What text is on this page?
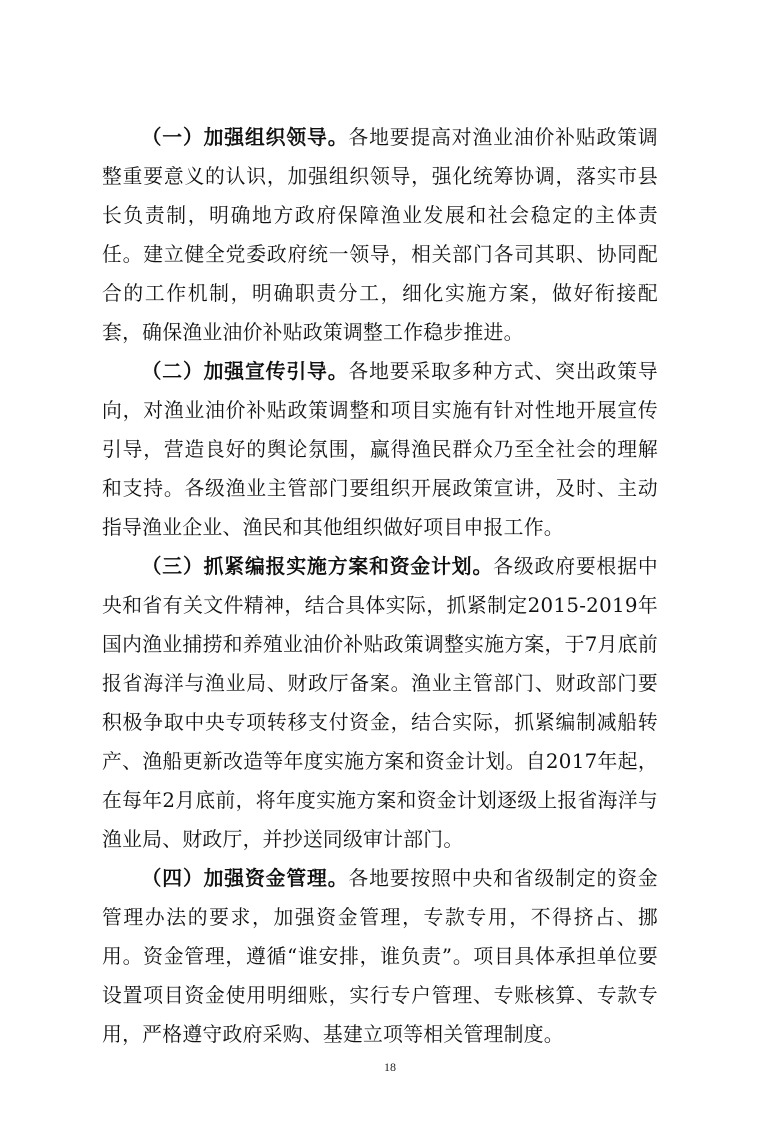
（一）加强组织领导。各地要提高对渔业油价补贴政策调整重要意义的认识，加强组织领导，强化统筹协调，落实市县长负责制，明确地方政府保障渔业发展和社会稳定的主体责任。建立健全党委政府统一领导，相关部门各司其职、协同配合的工作机制，明确职责分工，细化实施方案，做好衔接配套，确保渔业油价补贴政策调整工作稳步推进。

（二）加强宣传引导。各地要采取多种方式、突出政策导向，对渔业油价补贴政策调整和项目实施有针对性地开展宣传引导，营造良好的舆论氛围，赢得渔民群众乃至全社会的理解和支持。各级渔业主管部门要组织开展政策宣讲，及时、主动指导渔业企业、渔民和其他组织做好项目申报工作。

（三）抓紧编报实施方案和资金计划。各级政府要根据中央和省有关文件精神，结合具体实际，抓紧制定2015-2019年国内渔业捕捞和养殖业油价补贴政策调整实施方案，于7月底前报省海洋与渔业局、财政厅备案。渔业主管部门、财政部门要积极争取中央专项转移支付资金，结合实际，抓紧编制减船转产、渔船更新改造等年度实施方案和资金计划。自2017年起，在每年2月底前，将年度实施方案和资金计划逐级上报省海洋与渔业局、财政厅，并抄送同级审计部门。

（四）加强资金管理。各地要按照中央和省级制定的资金管理办法的要求，加强资金管理，专款专用，不得挤占、挪用。资金管理，遵循“谁安排，谁负责”。项目具体承担单位要设置项目资金使用明细账，实行专户管理、专账核算、专款专用，严格遵守政府采购、基建立项等相关管理制度。

18
